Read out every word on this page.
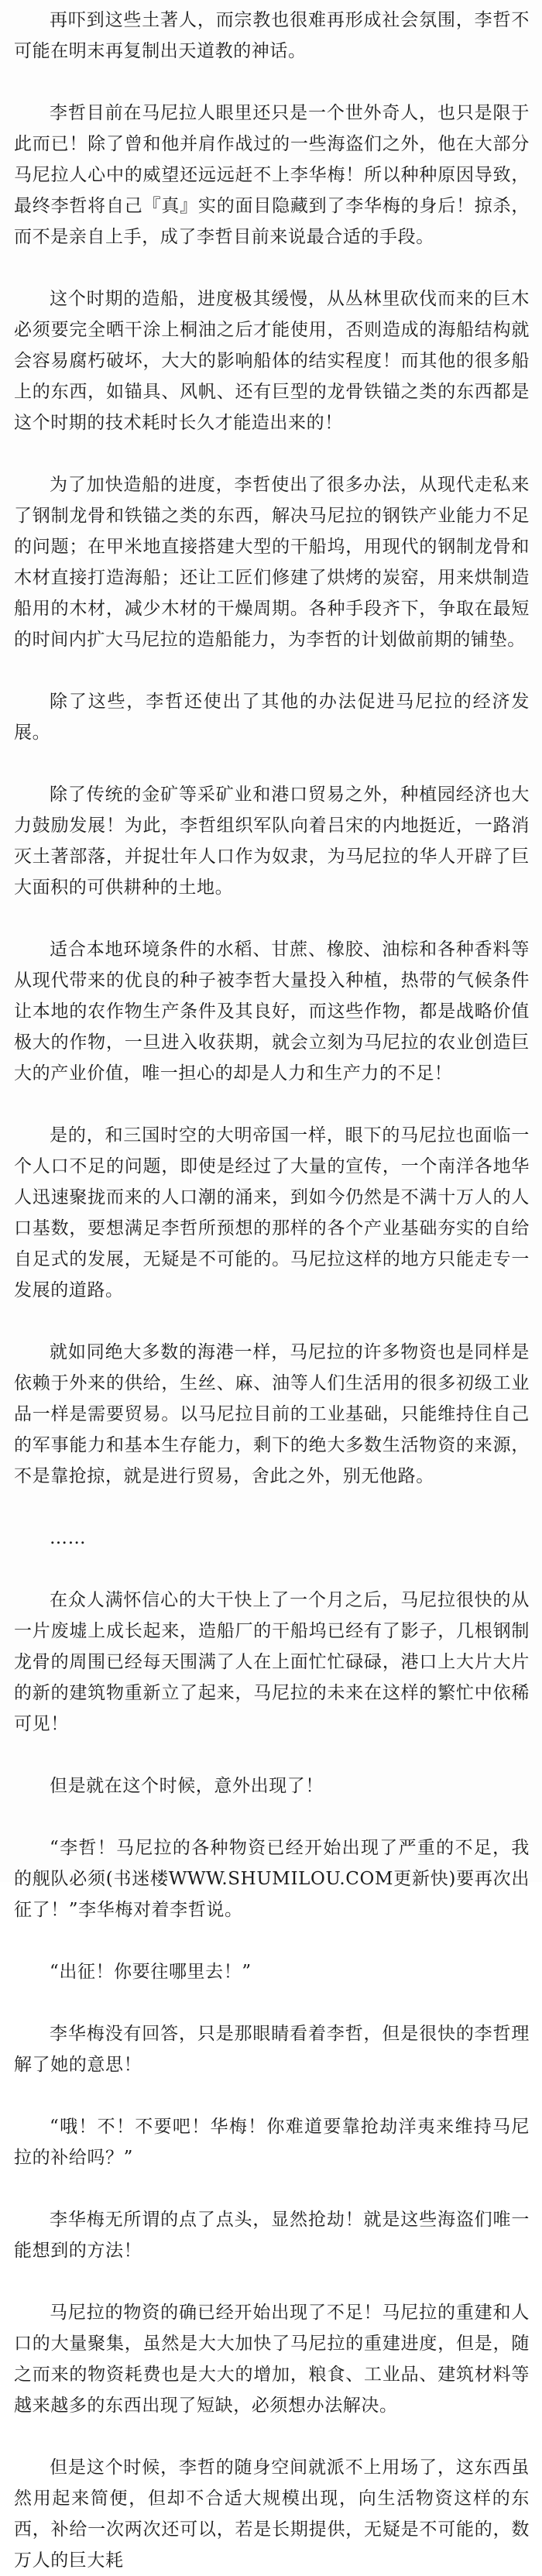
再吓到这些土著人，而宗教也很难再形成社会氛围，李哲不可能在明末再复制出天道教的神话。

李哲目前在马尼拉人眼里还只是一个世外奇人，也只是限于此而已！除了曾和他并肩作战过的一些海盗们之外，他在大部分马尼拉人心中的威望还远远赶不上李华梅！所以种种原因导致，最终李哲将自己『真』实的面目隐藏到了李华梅的身后！掠杀，而不是亲自上手，成了李哲目前来说最合适的手段。

这个时期的造船，进度极其缓慢，从丛林里砍伐而来的巨木必须要完全晒干涂上桐油之后才能使用，否则造成的海船结构就会容易腐朽破坏，大大的影响船体的结实程度！而其他的很多船上的东西，如锚具、风帆、还有巨型的龙骨铁锚之类的东西都是这个时期的技术耗时长久才能造出来的！

为了加快造船的进度，李哲使出了很多办法，从现代走私来了钢制龙骨和铁锚之类的东西，解决马尼拉的钢铁产业能力不足的问题；在甲米地直接搭建大型的干船坞，用现代的钢制龙骨和木材直接打造海船；还让工匠们修建了烘烤的炭窑，用来烘制造船用的木材，减少木材的干燥周期。各种手段齐下，争取在最短的时间内扩大马尼拉的造船能力，为李哲的计划做前期的铺垫。

除了这些，李哲还使出了其他的办法促进马尼拉的经济发展。

除了传统的金矿等采矿业和港口贸易之外，种植园经济也大力鼓励发展！为此，李哲组织军队向着吕宋的内地挺近，一路消灭土著部落，并捉壮年人口作为奴隶，为马尼拉的华人开辟了巨大面积的可供耕种的土地。

适合本地环境条件的水稻、甘蔗、橡胶、油棕和各种香料等从现代带来的优良的种子被李哲大量投入种植，热带的气候条件让本地的农作物生产条件及其良好，而这些作物，都是战略价值极大的作物，一旦进入收获期，就会立刻为马尼拉的农业创造巨大的产业价值，唯一担心的却是人力和生产力的不足！

是的，和三国时空的大明帝国一样，眼下的马尼拉也面临一个人口不足的问题，即使是经过了大量的宣传，一个南洋各地华人迅速聚拢而来的人口潮的涌来，到如今仍然是不满十万人的人口基数，要想满足李哲所预想的那样的各个产业基础夯实的自给自足式的发展，无疑是不可能的。马尼拉这样的地方只能走专一发展的道路。

就如同绝大多数的海港一样，马尼拉的许多物资也是同样是依赖于外来的供给，生丝、麻、油等人们生活用的很多初级工业品一样是需要贸易。以马尼拉目前的工业基础，只能维持住自己的军事能力和基本生存能力，剩下的绝大多数生活物资的来源，不是靠抢掠，就是进行贸易，舍此之外，别无他路。

……

在众人满怀信心的大干快上了一个月之后，马尼拉很快的从一片废墟上成长起来，造船厂的干船坞已经有了影子，几根钢制龙骨的周围已经每天围满了人在上面忙忙碌碌，港口上大片大片的新的建筑物重新立了起来，马尼拉的未来在这样的繁忙中依稀可见！

但是就在这个时候，意外出现了！

“李哲！马尼拉的各种物资已经开始出现了严重的不足，我的舰队必须(书迷楼WWW.SHUMILOU.COM更新快)要再次出征了！”李华梅对着李哲说。

“出征！你要往哪里去！”

李华梅没有回答，只是那眼睛看着李哲，但是很快的李哲理解了她的意思！

“哦！不！不要吧！华梅！你难道要靠抢劫洋夷来维持马尼拉的补给吗？”

李华梅无所谓的点了点头，显然抢劫！就是这些海盗们唯一能想到的方法！

马尼拉的物资的确已经开始出现了不足！马尼拉的重建和人口的大量聚集，虽然是大大加快了马尼拉的重建进度，但是，随之而来的物资耗费也是大大的增加，粮食、工业品、建筑材料等越来越多的东西出现了短缺，必须想办法解决。

但是这个时候，李哲的随身空间就派不上用场了，这东西虽然用起来简便，但却不合适大规模出现，向生活物资这样的东西，补给一次两次还可以，若是长期提供，无疑是不可能的，数万人的巨大耗
